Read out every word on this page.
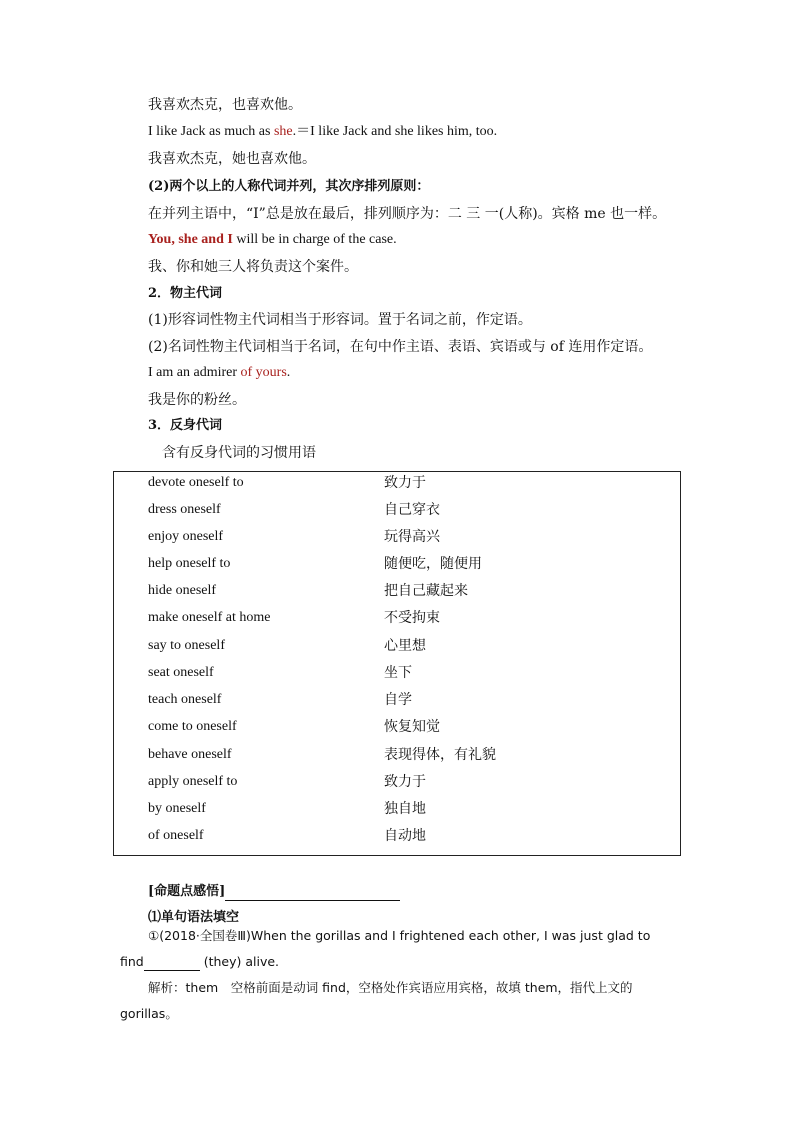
我喜欢杰克，也喜欢他。
I like Jack as much as she.＝I like Jack and she likes him, too.
我喜欢杰克，她也喜欢他。
(2)两个以上的人称代词并列，其次序排列原则：
在并列主语中，“I”总是放在最后，排列顺序为：二 三 一(人称)。宾格 me 也一样。
You, she and I will be in charge of the case.
我、你和她三人将负责这个案件。
2．物主代词
(1)形容词性物主代词相当于形容词。置于名词之前，作定语。
(2)名词性物主代词相当于名词，在句中作主语、表语、宾语或与 of 连用作定语。
I am an admirer of yours.
我是你的粉丝。
3．反身代词
含有反身代词的习惯用语
devote oneself to	致力于
dress oneself	自己穿衣
enjoy oneself	玩得高兴
help oneself to	随便吃，随便用
hide oneself	把自己藏起来
make oneself at home	不受拘束
say to oneself	心里想
seat oneself	坐下
teach oneself	自学
come to oneself	恢复知觉
behave oneself	表现得体，有礼貌
apply oneself to	致力于
by oneself	独自地
of oneself	自动地
[命题点感悟]
⑴单句语法填空
①(2018·全国卷Ⅲ)When the gorillas and I frightened each other, I was just glad to
find	(they) alive.
解析：them　空格前面是动词 find，空格处作宾语应用宾格，故填 them，指代上文的
gorillas。
